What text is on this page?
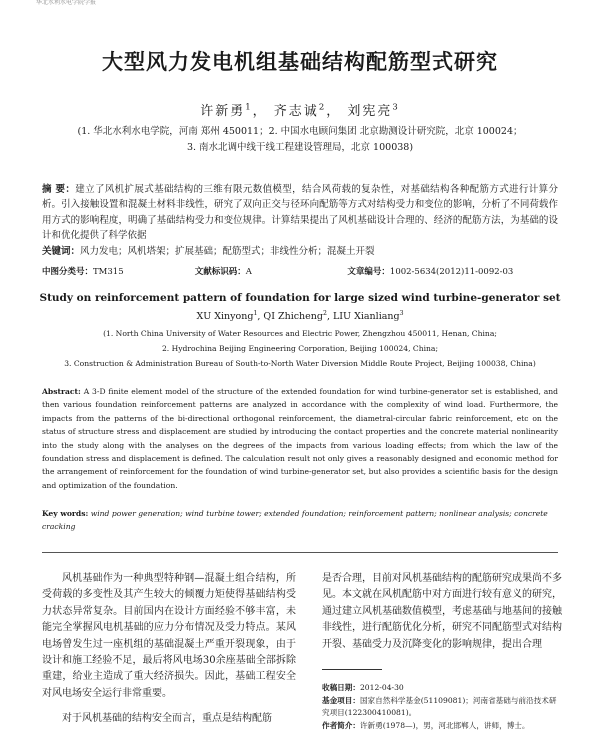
华北水利水电学院学报
大型风力发电机组基础结构配筋型式研究
许新勇$^1$， 齐志诚$^2$， 刘宪亮$^3$
(1. 华北水利水电学院，河南 郑州 450011；2. 中国水电顾问集团 北京勘测设计研究院，北京 100024；
3. 南水北调中线干线工程建设管理局，北京 100038)
摘 要：建立了风机扩展式基础结构的三维有限元数值模型，结合风荷载的复杂性，对基础结构各种配筋方式进行计算分析。引入接触设置和混凝土材料非线性，研究了双向正交与径环向配筋等方式对结构受力和变位的影响，分析了不同荷载作用方式的影响程度，明确了基础结构受力和变位规律。计算结果提出了风机基础设计合理的、经济的配筋方法，为基础的设计和优化提供了科学依据
关键词：风力发电；风机塔架；扩展基础；配筋型式；非线性分析；混凝土开裂
中图分类号：TM315	文献标识码：A	文章编号：1002-5634(2012)11-0092-03
Study on reinforcement pattern of foundation for large sized wind turbine-generator set
XU Xinyong$^1$, QI Zhicheng$^2$, LIU Xianliang$^3$
(1. North China University of Water Resources and Electric Power, Zhengzhou 450011, Henan, China;
2. Hydrochina Beijing Engineering Corporation, Beijing 100024, China;
3. Construction & Administration Bureau of South-to-North Water Diversion Middle Route Project, Beijing 100038, China)
Abstract: A 3-D finite element model of the structure of the extended foundation for wind turbine-generator set is established, and then various foundation reinforcement patterns are analyzed in accordance with the complexity of wind load. Furthermore, the impacts from the patterns of the bi-directional orthogonal reinforcement, the diametral-circular fabric reinforcement, etc on the status of structure stress and displacement are studied by introducing the contact properties and the concrete material nonlinearity into the study along with the analyses on the degrees of the impacts from various loading effects; from which the law of the foundation stress and displacement is defined. The calculation result not only gives a reasonably designed and economic method for the arrangement of reinforcement for the foundation of wind turbine-generator set, but also provides a scientific basis for the design and optimization of the foundation.
Key words: wind power generation; wind turbine tower; extended foundation; reinforcement pattern; nonlinear analysis; concrete cracking

风机基础作为一种典型特种钢—混凝土组合结构，所受荷载的多变性及其产生较大的倾覆力矩使得基础结构受力状态异常复杂。目前国内在设计方面经验不够丰富，未能完全掌握风电机基础的应力分布情况及受力特点。某风电场曾发生过一座机组的基础混凝土严重开裂现象，由于设计和施工经验不足，最后将风电场30余座基础全部拆除重建，给业主造成了重大经济损失。因此，基础工程安全对风电场安全运行非常重要。

对于风机基础的结构安全而言，重点是结构配筋

是否合理，目前对风机基础结构的配筋研究成果尚不多见。本文就在风机配筋中对方面进行较有意义的研究，通过建立风机基础数值模型，考虑基础与地基间的接触非线性，进行配筋优化分析，研究不同配筋型式对结构开裂、基础受力及沉降变化的影响规律，提出合理
收稿日期：2012-04-30
基金项目：国家自然科学基金(51109081)；河南省基础与前沿技术研究项目(122300410081)。
作者简介：许新勇(1978—)，男，河北邯郸人，讲师，博士。
